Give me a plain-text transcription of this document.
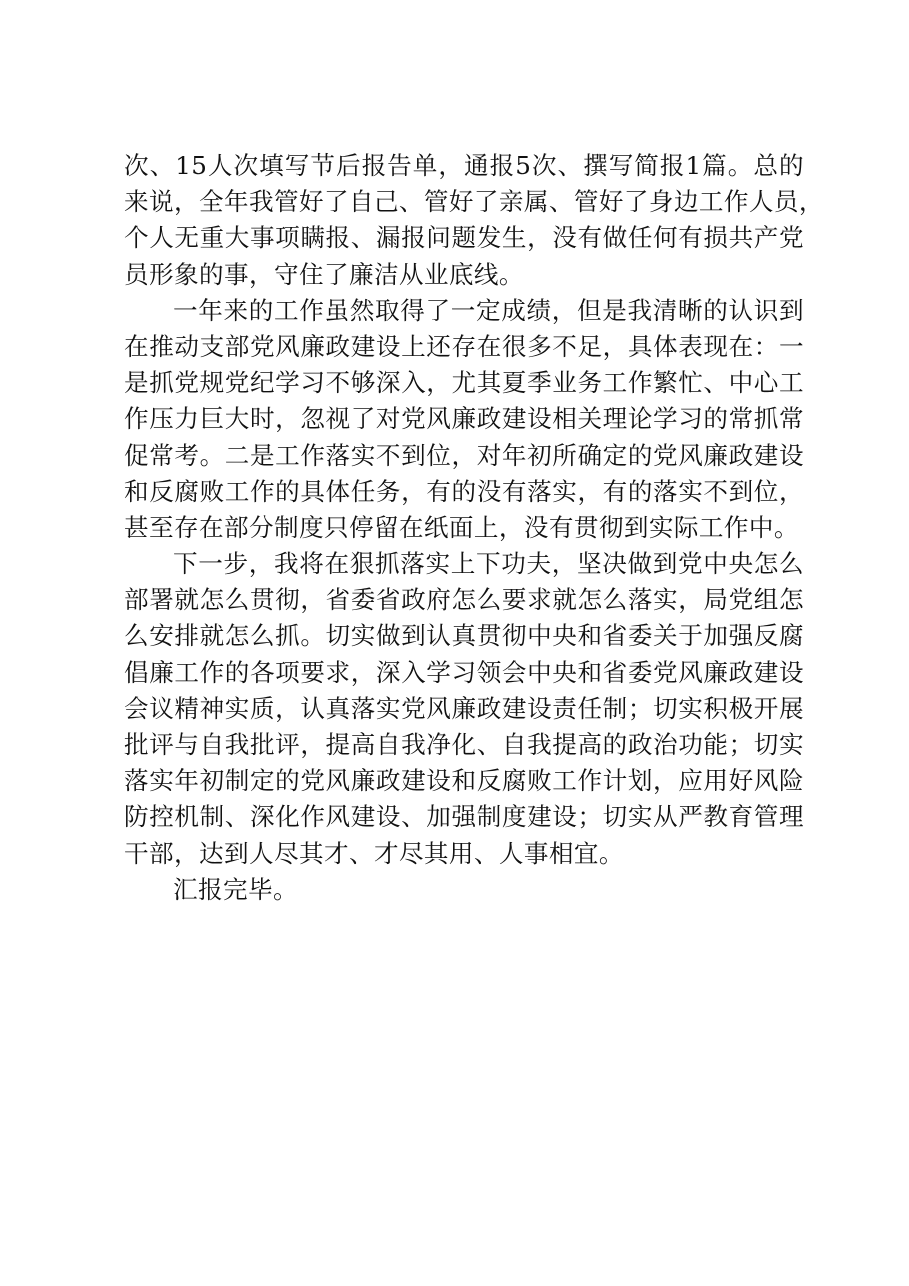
次、15人次填写节后报告单，通报5次、撰写简报1篇。总的
来说，全年我管好了自己、管好了亲属、管好了身边工作人员，
个人无重大事项瞒报、漏报问题发生，没有做任何有损共产党
员形象的事，守住了廉洁从业底线。
一年来的工作虽然取得了一定成绩，但是我清晰的认识到
在推动支部党风廉政建设上还存在很多不足，具体表现在：一
是抓党规党纪学习不够深入，尤其夏季业务工作繁忙、中心工
作压力巨大时，忽视了对党风廉政建设相关理论学习的常抓常
促常考。二是工作落实不到位，对年初所确定的党风廉政建设
和反腐败工作的具体任务，有的没有落实，有的落实不到位，
甚至存在部分制度只停留在纸面上，没有贯彻到实际工作中。
下一步，我将在狠抓落实上下功夫，坚决做到党中央怎么
部署就怎么贯彻，省委省政府怎么要求就怎么落实，局党组怎
么安排就怎么抓。切实做到认真贯彻中央和省委关于加强反腐
倡廉工作的各项要求，深入学习领会中央和省委党风廉政建设
会议精神实质，认真落实党风廉政建设责任制；切实积极开展
批评与自我批评，提高自我净化、自我提高的政治功能；切实
落实年初制定的党风廉政建设和反腐败工作计划，应用好风险
防控机制、深化作风建设、加强制度建设；切实从严教育管理
干部，达到人尽其才、才尽其用、人事相宜。
汇报完毕。
